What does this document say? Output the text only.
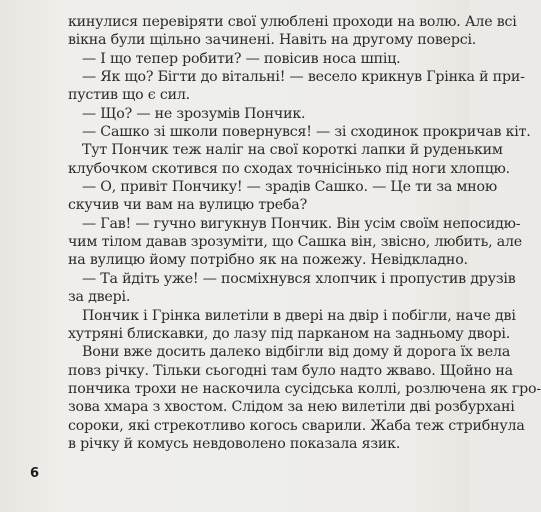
кинулися перевіряти свої улюблені проходи на волю. Але всі

вікна були щільно зачинені. Навіть на другому поверсі.

— І що тепер робити? — повісив носа шпіц.

— Як що? Бігти до вітальні! — весело крикнув Грінка й при-

пустив що є сил.

— Що? — не зрозумів Пончик.

— Сашко зі школи повернувся! — зі сходинок прокричав кіт.

Тут Пончик теж наліг на свої короткі лапки й руденьким

клубочком скотився по сходах точнісінько під ноги хлопцю.

— О, привіт Пончику! — зрадів Сашко. — Це ти за мною

скучив чи вам на вулицю треба?

— Гав! — гучно вигукнув Пончик. Він усім своїм непосидю-

чим тілом давав зрозуміти, що Сашка він, звісно, любить, але

на вулицю йому потрібно як на пожежу. Невідкладно.

— Та йдіть уже! — посміхнувся хлопчик і пропустив друзів

за двері.

Пончик і Грінка вилетіли в двері на двір і побігли, наче дві

хутряні блискавки, до лазу під парканом на задньому дворі.

Вони вже досить далеко відбігли від дому й дорога їх вела

повз річку. Тільки сьогодні там було надто жваво. Щойно на

пончика трохи не наскочила сусідська коллі, розлючена як гро-

зова хмара з хвостом. Слідом за нею вилетіли дві розбурхані

сороки, які стрекотливо когось сварили. Жаба теж стрибнула

в річку й комусь невдоволено показала язик.

6
